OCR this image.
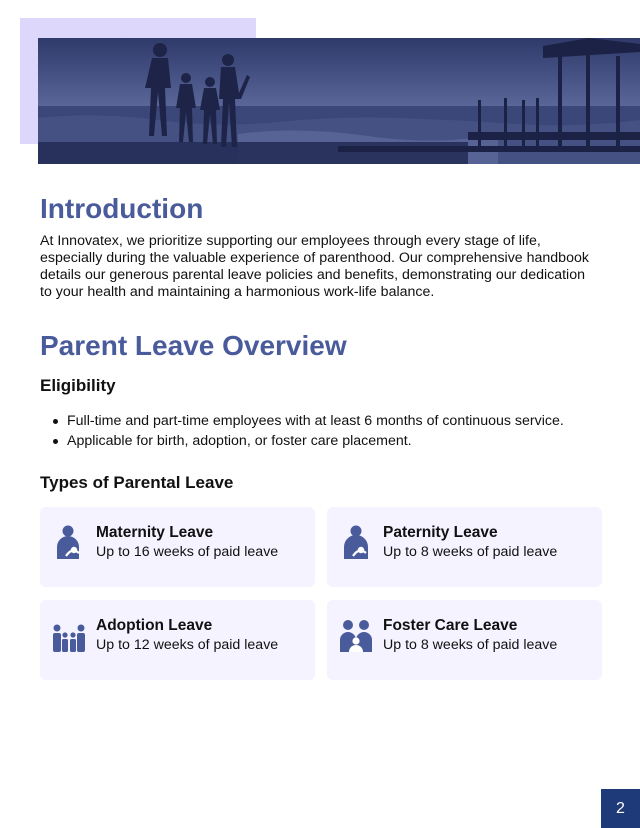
Introduction

At Innovatex, we prioritize supporting our employees through every stage of life, especially during the valuable experience of parenthood. Our comprehensive handbook details our generous parental leave policies and benefits, demonstrating our dedication to your health and maintaining a harmonious work-life balance.

Parent Leave Overview
Eligibility
Full-time and part-time employees with at least 6 months of continuous service.
Applicable for birth, adoption, or foster care placement.
Types of Parental Leave
Maternity Leave
Up to 16 weeks of paid leave
Paternity Leave
Up to 8 weeks of paid leave
Adoption Leave
Up to 12 weeks of paid leave
Foster Care Leave
Up to 8 weeks of paid leave
2
